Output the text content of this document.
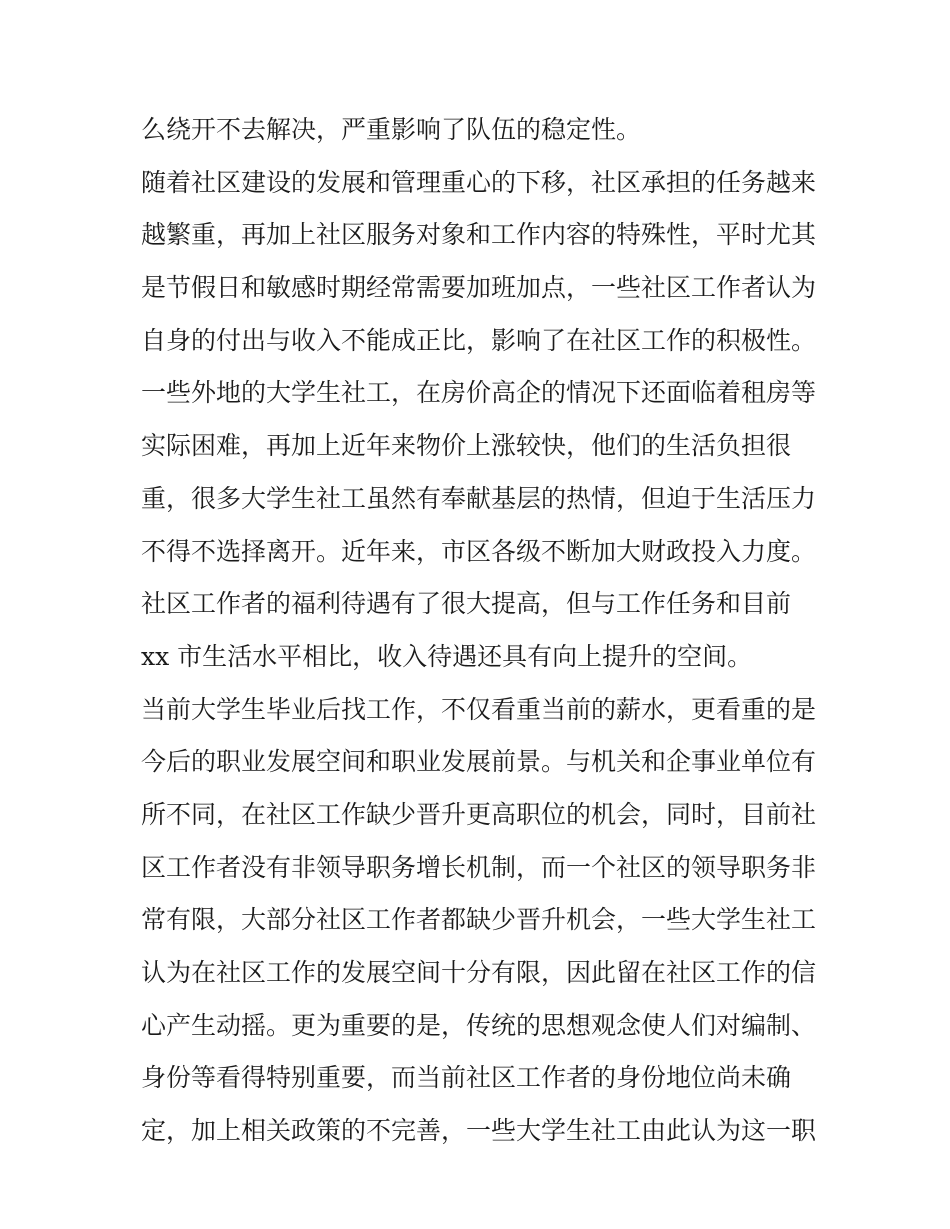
么绕开不去解决，严重影响了队伍的稳定性。
随着社区建设的发展和管理重心的下移，社区承担的任务越来
越繁重，再加上社区服务对象和工作内容的特殊性，平时尤其
是节假日和敏感时期经常需要加班加点，一些社区工作者认为
自身的付出与收入不能成正比，影响了在社区工作的积极性。
一些外地的大学生社工，在房价高企的情况下还面临着租房等
实际困难，再加上近年来物价上涨较快，他们的生活负担很
重，很多大学生社工虽然有奉献基层的热情，但迫于生活压力
不得不选择离开。近年来，市区各级不断加大财政投入力度。
社区工作者的福利待遇有了很大提高，但与工作任务和目前
xx 市生活水平相比，收入待遇还具有向上提升的空间。
当前大学生毕业后找工作，不仅看重当前的薪水，更看重的是
今后的职业发展空间和职业发展前景。与机关和企事业单位有
所不同，在社区工作缺少晋升更高职位的机会，同时，目前社
区工作者没有非领导职务增长机制，而一个社区的领导职务非
常有限，大部分社区工作者都缺少晋升机会，一些大学生社工
认为在社区工作的发展空间十分有限，因此留在社区工作的信
心产生动摇。更为重要的是，传统的思想观念使人们对编制、
身份等看得特别重要，而当前社区工作者的身份地位尚未确
定，加上相关政策的不完善，一些大学生社工由此认为这一职
